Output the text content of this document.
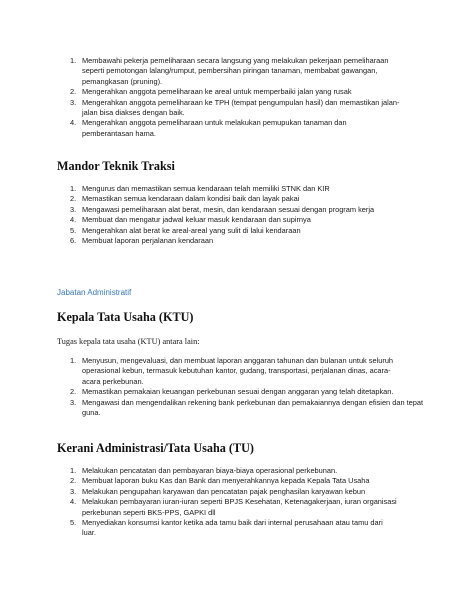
1. Membawahi pekerja pemeliharaan secara langsung yang melakukan pekerjaan pemeliharaan
seperti pemotongan lalang/rumput, pembersihan piringan tanaman, membabat gawangan,
pemangkasan (pruning).
2. Mengerahkan anggota pemeliharaan ke areal untuk memperbaiki jalan yang rusak
3. Mengerahkan anggota pemeliharaan ke TPH (tempat pengumpulan hasil) dan memastikan jalan-
jalan bisa diakses dengan baik.
4. Mengerahkan anggota pemeliharaan untuk melakukan pemupukan tanaman dan
pemberantasan hama.
Mandor Teknik Traksi
1. Mengurus dan memastikan semua kendaraan telah memiliki STNK dan KIR
2. Memastikan semua kendaraan dalam kondisi baik dan layak pakai
3. Mengawasi pemeliharaan alat berat, mesin, dan kendaraan sesuai dengan program kerja
4. Membuat dan mengatur jadwal keluar masuk kendaraan dan supirnya
5. Mengerahkan alat berat ke areal-areal yang sulit di lalui kendaraan
6. Membuat laporan perjalanan kendaraan
Jabatan Administratif
Kepala Tata Usaha (KTU)
Tugas kepala tata usaha (KTU) antara lain:
1. Menyusun, mengevaluasi, dan membuat laporan anggaran tahunan dan bulanan untuk seluruh
operasional kebun, termasuk kebutuhan kantor, gudang, transportasi, perjalanan dinas, acara-
acara perkebunan.
2. Memastikan pemakaian keuangan perkebunan sesuai dengan anggaran yang telah ditetapkan.
3. Mengawasi dan mengendalikan rekening bank perkebunan dan pemakaiannya dengan efisien dan tepat
guna.
Kerani Administrasi/Tata Usaha (TU)
1. Melakukan pencatatan dan pembayaran biaya-biaya operasional perkebunan.
2. Membuat laporan buku Kas dan Bank dan menyerahkannya kepada Kepala Tata Usaha
3. Melakukan pengupahan karyawan dan pencatatan pajak penghasilan karyawan kebun
4. Melakukan pembayaran iuran-iuran seperti BPJS Kesehatan, Ketenagakerjaan, iuran organisasi
perkebunan seperti BKS-PPS, GAPKI dll
5. Menyediakan konsumsi kantor ketika ada tamu baik dari internal perusahaan atau tamu dari
luar.
